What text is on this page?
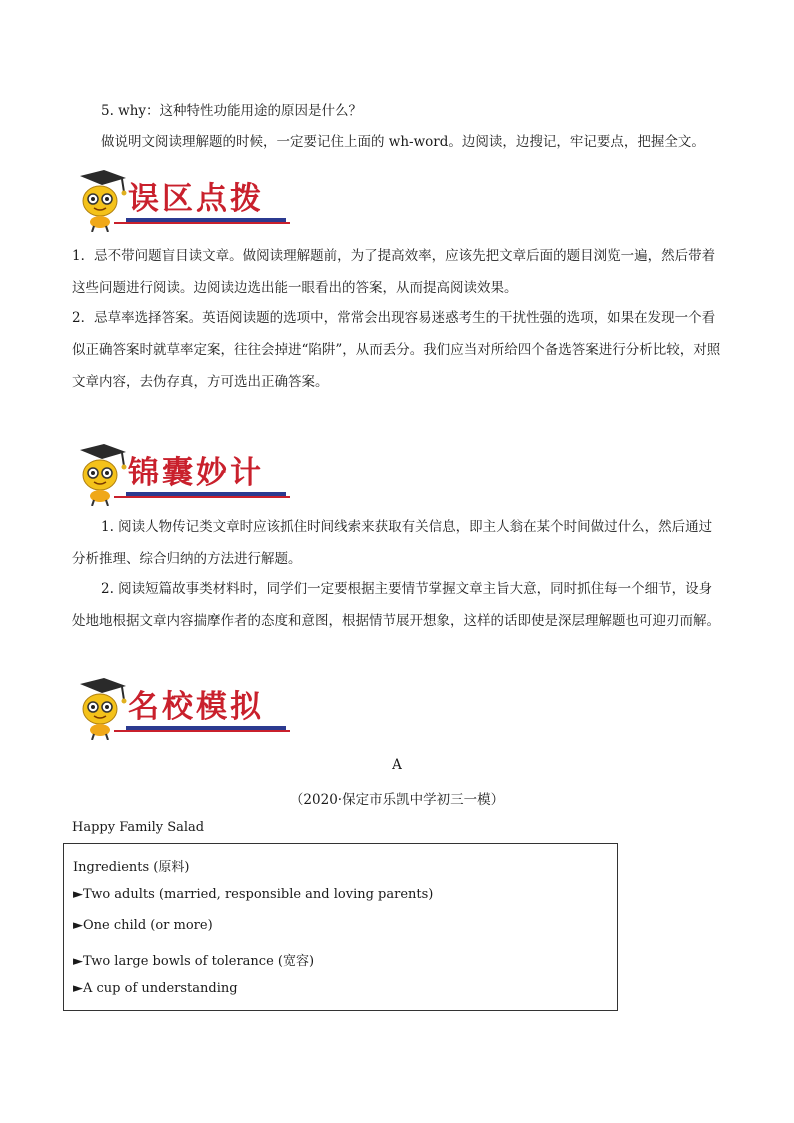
5. why：这种特性功能用途的原因是什么？
做说明文阅读理解题的时候，一定要记住上面的 wh-word。边阅读，边搜记，牢记要点，把握全文。
误区点拨
1．忌不带问题盲目读文章。做阅读理解题前，为了提高效率，应该先把文章后面的题目浏览一遍，然后带着这些问题进行阅读。边阅读边选出能一眼看出的答案，从而提高阅读效果。
2．忌草率选择答案。英语阅读题的选项中，常常会出现容易迷惑考生的干扰性强的选项，如果在发现一个看似正确答案时就草率定案，往往会掉进“陷阱”，从而丢分。我们应当对所给四个备选答案进行分析比较，对照文章内容，去伪存真，方可选出正确答案。
锦囊妙计
1. 阅读人物传记类文章时应该抓住时间线索来获取有关信息，即主人翁在某个时间做过什么，然后通过分析推理、综合归纳的方法进行解题。
2. 阅读短篇故事类材料时，同学们一定要根据主要情节掌握文章主旨大意，同时抓住每一个细节，设身处地地根据文章内容揣摩作者的态度和意图，根据情节展开想象，这样的话即使是深层理解题也可迎刃而解。
名校模拟
A
（2020·保定市乐凯中学初三一模）
Happy Family Salad
Ingredients (原料)
►Two adults (married, responsible and loving parents)
►One child (or more)
►Two large bowls of tolerance (宽容)
►A cup of understanding
